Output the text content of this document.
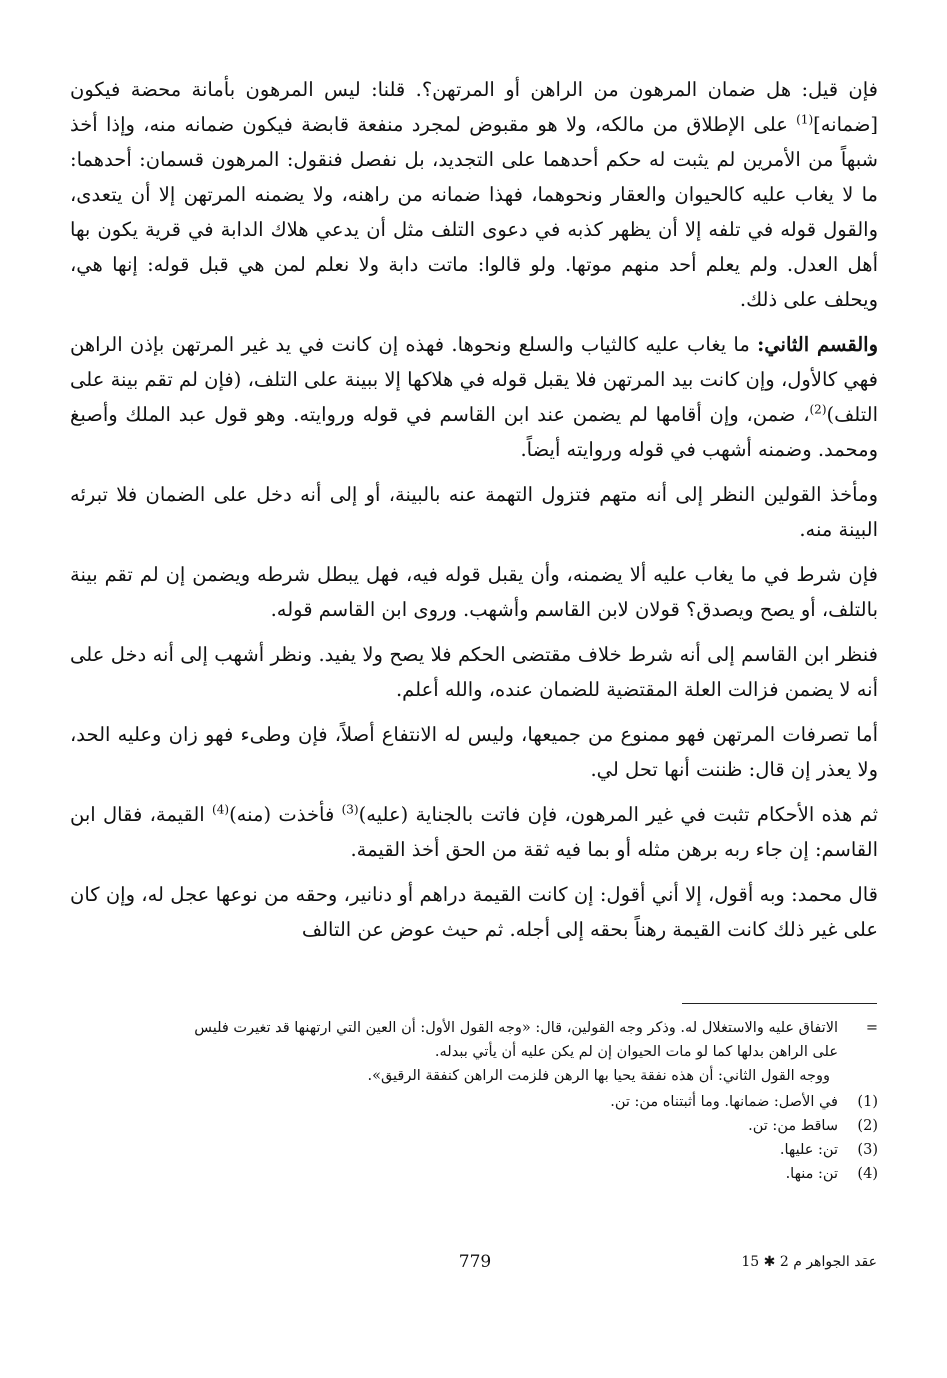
فإن قيل: هل ضمان المرهون من الراهن أو المرتهن؟. قلنا: ليس المرهون بأمانة محضة فيكون [ضمانه]$^{(1)}$ على الإطلاق من مالكه، ولا هو مقبوض لمجرد منفعة قابضة فيكون ضمانه منه، وإذا أخذ شبهاً من الأمرين لم يثبت له حكم أحدهما على التجديد، بل نفصل فنقول: المرهون قسمان: أحدهما: ما لا يغاب عليه كالحيوان والعقار ونحوهما، فهذا ضمانه من راهنه، ولا يضمنه المرتهن إلا أن يتعدى، والقول قوله في تلفه إلا أن يظهر كذبه في دعوى التلف مثل أن يدعي هلاك الدابة في قرية يكون بها أهل العدل. ولم يعلم أحد منهم موتها. ولو قالوا: ماتت دابة ولا نعلم لمن هي قبل قوله: إنها هي، ويحلف على ذلك.

والقسم الثاني: ما يغاب عليه كالثياب والسلع ونحوها. فهذه إن كانت في يد غير المرتهن بإذن الراهن فهي كالأول، وإن كانت بيد المرتهن فلا يقبل قوله في هلاكها إلا ببينة على التلف، (فإن لم تقم بينة على التلف)$^{(2)}$، ضمن، وإن أقامها لم يضمن عند ابن القاسم في قوله وروايته. وهو قول عبد الملك وأصبغ ومحمد. وضمنه أشهب في قوله وروايته أيضاً.

ومأخذ القولين النظر إلى أنه متهم فتزول التهمة عنه بالبينة، أو إلى أنه دخل على الضمان فلا تبرئه البينة منه.

فإن شرط في ما يغاب عليه ألا يضمنه، وأن يقبل قوله فيه، فهل يبطل شرطه ويضمن إن لم تقم بينة بالتلف، أو يصح ويصدق؟ قولان لابن القاسم وأشهب. وروى ابن القاسم قوله.

فنظر ابن القاسم إلى أنه شرط خلاف مقتضى الحكم فلا يصح ولا يفيد. ونظر أشهب إلى أنه دخل على أنه لا يضمن فزالت العلة المقتضية للضمان عنده، والله أعلم.

أما تصرفات المرتهن فهو ممنوع من جميعها، وليس له الانتفاع أصلاً، فإن وطىء فهو زان وعليه الحد، ولا يعذر إن قال: ظننت أنها تحل لي.

ثم هذه الأحكام تثبت في غير المرهون، فإن فاتت بالجناية (عليه)$^{(3)}$ فأخذت (منه)$^{(4)}$ القيمة، فقال ابن القاسم: إن جاء ربه برهن مثله أو بما فيه ثقة من الحق أخذ القيمة.

قال محمد: وبه أقول، إلا أني أقول: إن كانت القيمة دراهم أو دنانير، وحقه من نوعها عجل له، وإن كان على غير ذلك كانت القيمة رهناً بحقه إلى أجله. ثم حيث عوض عن التالف

=

الاتفاق عليه والاستغلال له. وذكر وجه القولين، قال: «وجه القول الأول: أن العين التي ارتهنها قد تغيرت فليس

على الراهن بدلها كما لو مات الحيوان إن لم يكن عليه أن يأتي ببدله.

ووجه القول الثاني: أن هذه نفقة يحيا بها الرهن فلزمت الراهن كنفقة الرقيق».

(1)
في الأصل: ضمانها. وما أثبتناه من: تن.
(2)
ساقط من: تن.
(3)
تن: عليها.
(4)
تن: منها.
779	عقد الجواهر م 2 ✱ 15
